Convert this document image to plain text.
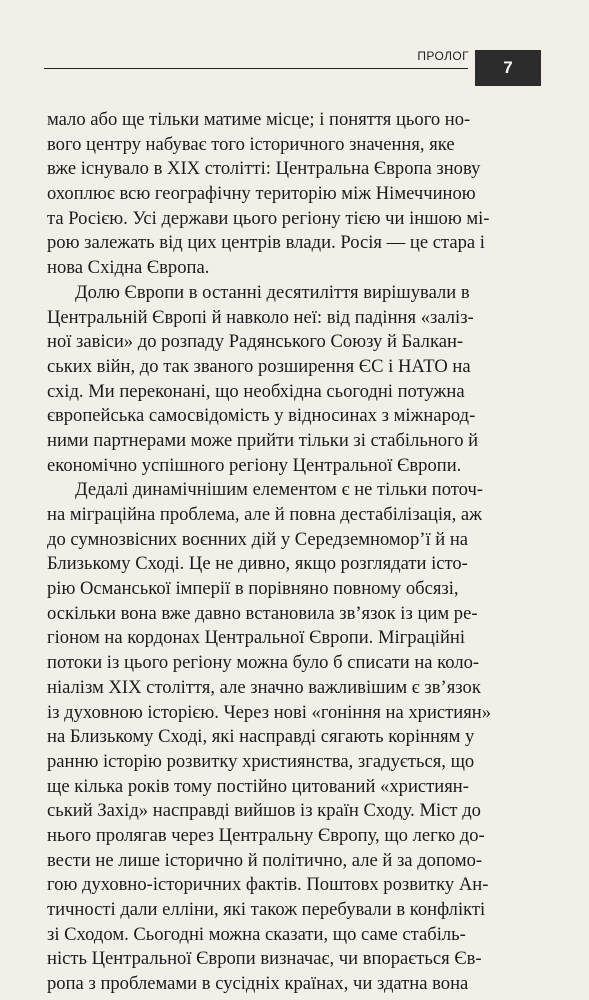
ПРОЛОГ
7
мало або ще тільки матиме місце; і поняття цього но-
вого центру набуває того історичного значення, яке
вже існувало в XIX столітті: Центральна Європа знову
охоплює всю географічну територію між Німеччиною
та Росією. Усі держави цього регіону тією чи іншою мі-
рою залежать від цих центрів влади. Росія — це стара і
нова Східна Європа.
Долю Європи в останні десятиліття вирішували в
Центральній Європі й навколо неї: від падіння «заліз-
ної завіси» до розпаду Радянського Союзу й Балкан-
ських війн, до так званого розширення ЄС і НАТО на
схід. Ми переконані, що необхідна сьогодні потужна
європейська самосвідомість у відносинах з міжнарод-
ними партнерами може прийти тільки зі стабільного й
економічно успішного регіону Центральної Європи.
Дедалі динамічнішим елементом є не тільки поточ-
на міграційна проблема, але й повна дестабілізація, аж
до сумнозвісних воєнних дій у Середземномор’ї й на
Близькому Сході. Це не дивно, якщо розглядати істо-
рію Османської імперії в порівняно повному обсязі,
оскільки вона вже давно встановила зв’язок із цим ре-
гіоном на кордонах Центральної Європи. Міграційні
потоки із цього регіону можна було б списати на коло-
ніалізм XIX століття, але значно важливішим є зв’язок
із духовною історією. Через нові «гоніння на християн»
на Близькому Сході, які насправді сягають корінням у
ранню історію розвитку християнства, згадується, що
ще кілька років тому постійно цитований «християн-
ський Захід» насправді вийшов із країн Сходу. Міст до
нього пролягав через Центральну Європу, що легко до-
вести не лише історично й політично, але й за допомо-
гою духовно-історичних фактів. Поштовх розвитку Ан-
тичності дали елліни, які також перебували в конфлікті
зі Сходом. Сьогодні можна сказати, що саме стабіль-
ність Центральної Європи визначає, чи впорається Єв-
ропа з проблемами в сусідніх країнах, чи здатна вона
